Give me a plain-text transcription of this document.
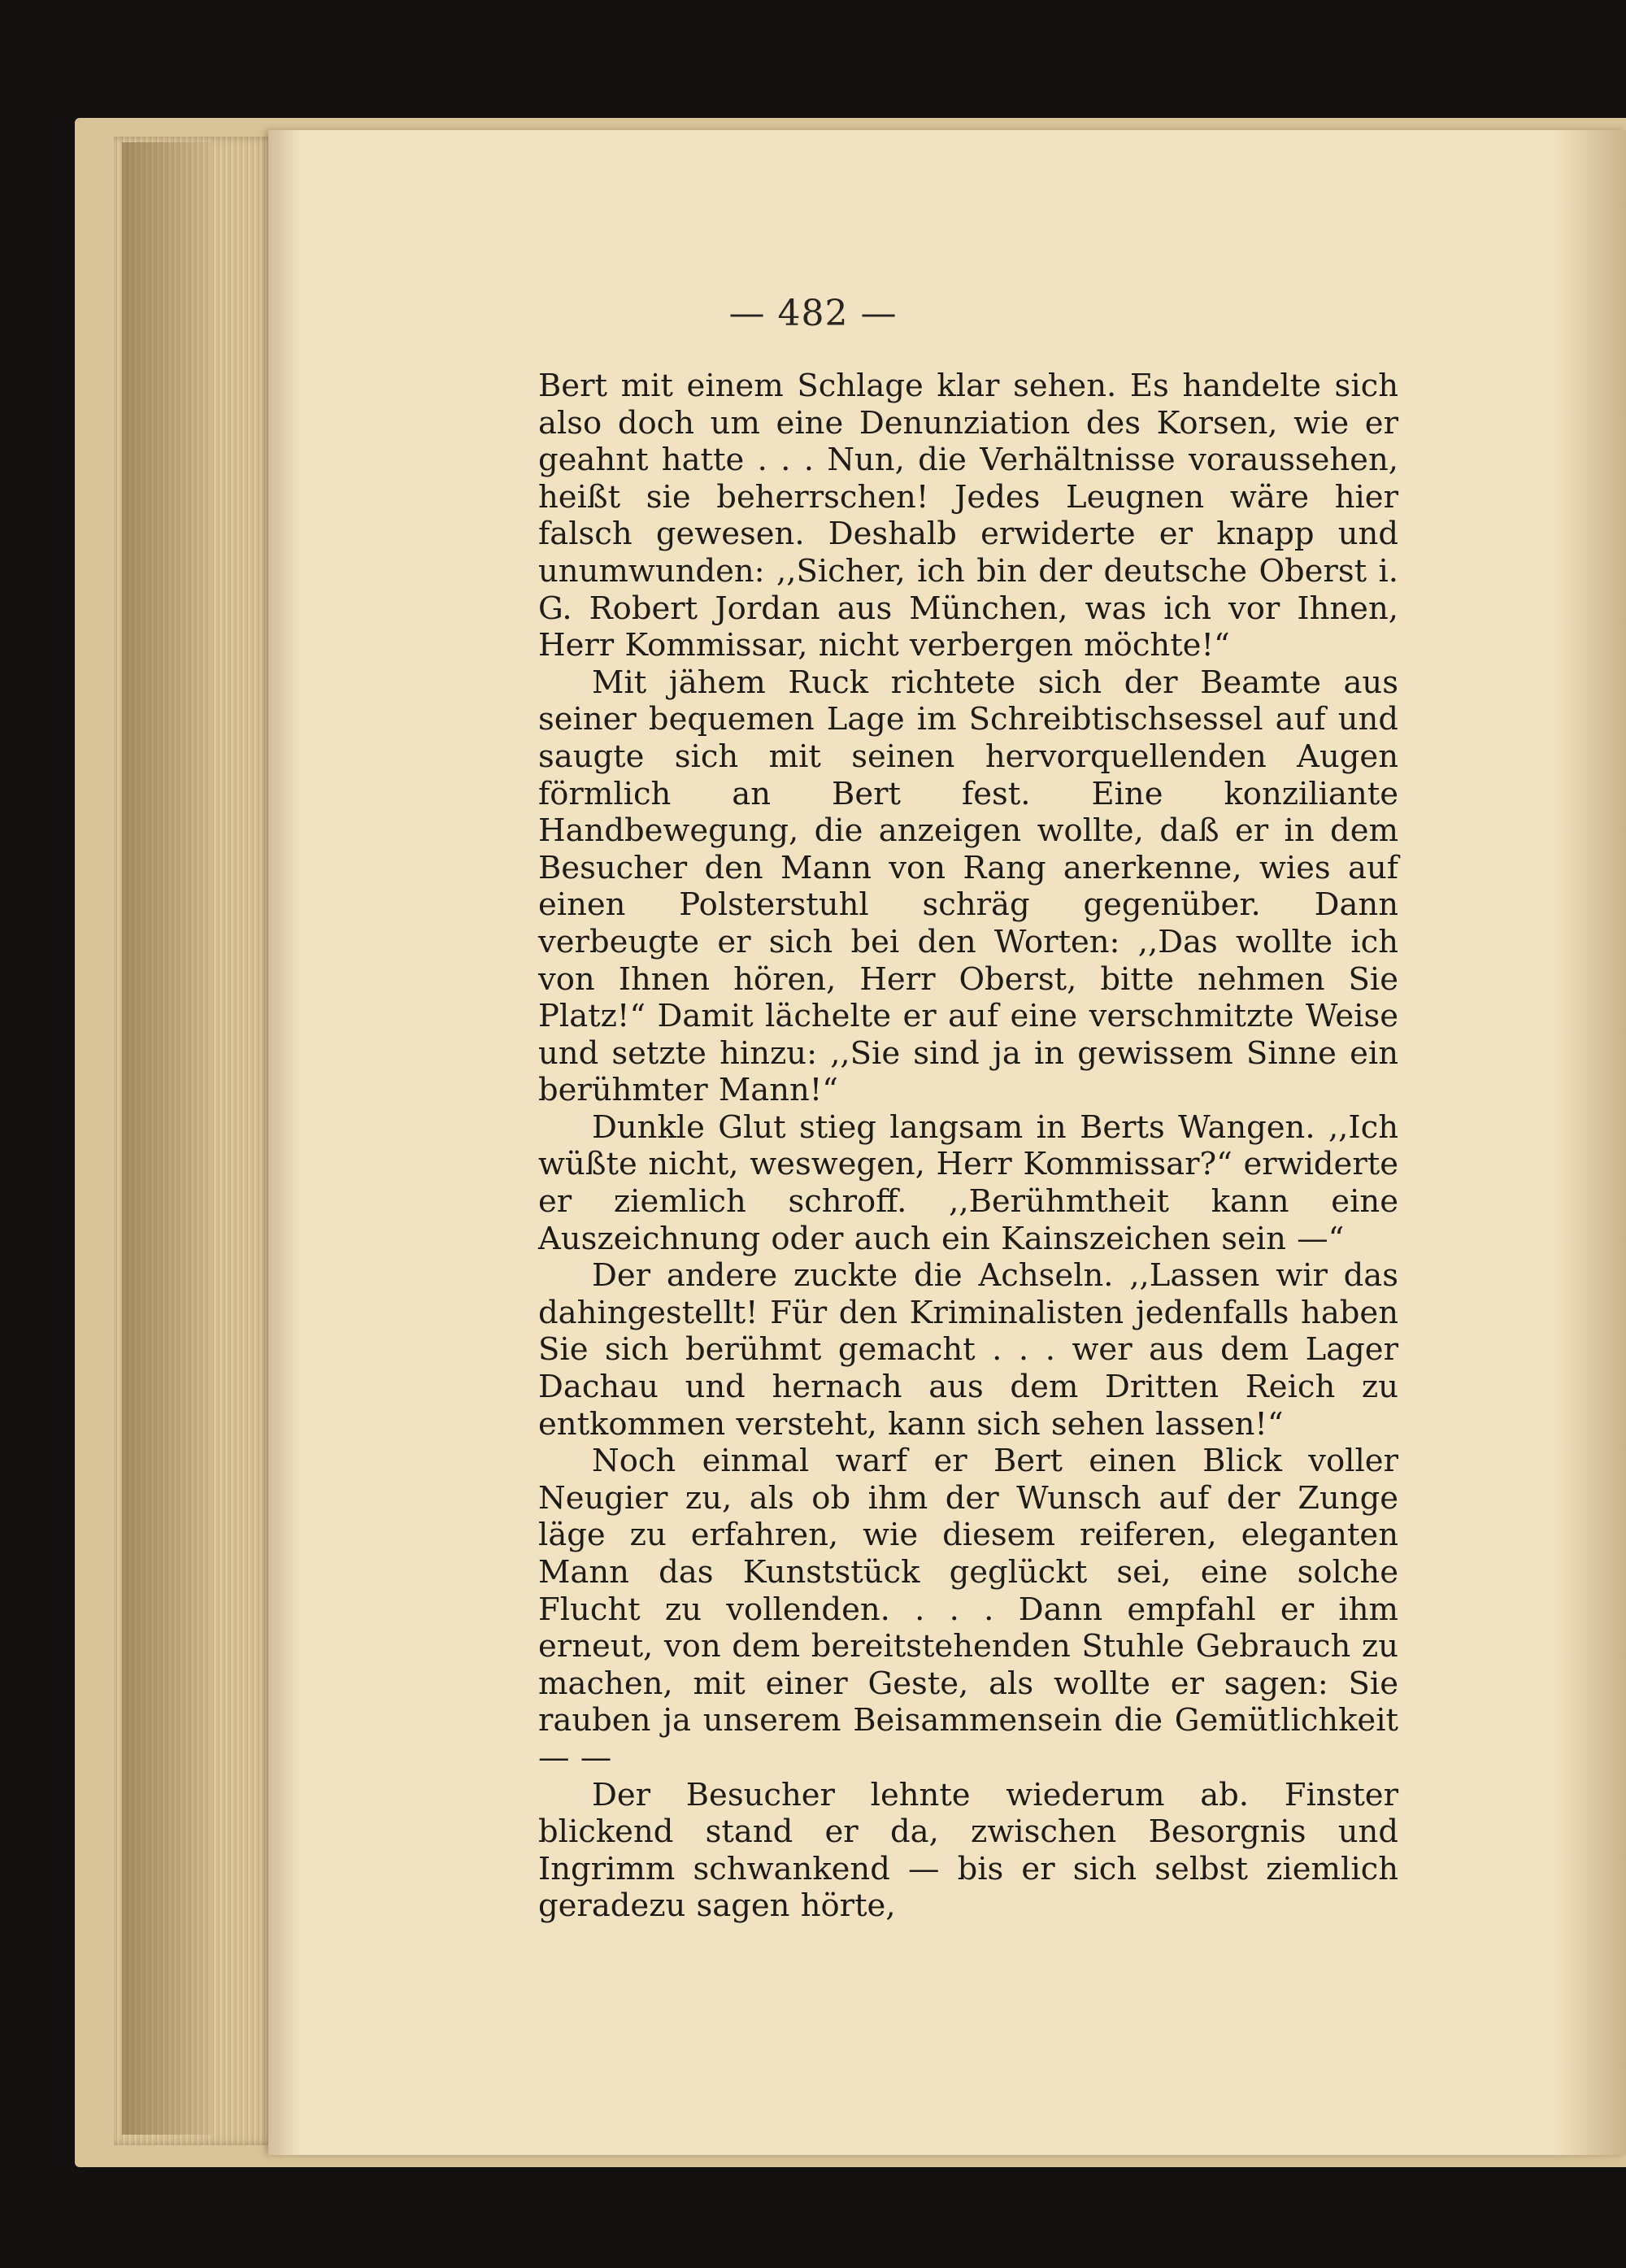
— 482 —

Bert mit einem Schlage klar sehen. Es handelte sich also doch um eine Denunziation des Korsen, wie er geahnt hatte . . . Nun, die Verhältnisse voraussehen, heißt sie beherrschen! Jedes Leugnen wäre hier falsch gewesen. Deshalb erwiderte er knapp und unumwunden: ,,Sicher, ich bin der deutsche Oberst i. G. Robert Jordan aus München, was ich vor Ihnen, Herr Kommissar, nicht verbergen möchte!“

Mit jähem Ruck richtete sich der Beamte aus seiner bequemen Lage im Schreibtischsessel auf und saugte sich mit seinen hervorquellenden Augen förmlich an Bert fest. Eine konziliante Handbewegung, die anzeigen wollte, daß er in dem Besucher den Mann von Rang anerkenne, wies auf einen Polsterstuhl schräg gegenüber. Dann verbeugte er sich bei den Worten: ,,Das wollte ich von Ihnen hören, Herr Oberst, bitte nehmen Sie Platz!“ Damit lächelte er auf eine verschmitzte Weise und setzte hinzu: ,,Sie sind ja in gewissem Sinne ein berühmter Mann!“

Dunkle Glut stieg langsam in Berts Wangen. ,,Ich wüßte nicht, weswegen, Herr Kommissar?“ erwiderte er ziemlich schroff. ,,Berühmtheit kann eine Auszeichnung oder auch ein Kainszeichen sein —“

Der andere zuckte die Achseln. ,,Lassen wir das dahingestellt! Für den Kriminalisten jedenfalls haben Sie sich berühmt gemacht . . . wer aus dem Lager Dachau und hernach aus dem Dritten Reich zu entkommen versteht, kann sich sehen lassen!“

Noch einmal warf er Bert einen Blick voller Neugier zu, als ob ihm der Wunsch auf der Zunge läge zu erfahren, wie diesem reiferen, eleganten Mann das Kunststück geglückt sei, eine solche Flucht zu vollenden. . . . Dann empfahl er ihm erneut, von dem bereitstehenden Stuhle Gebrauch zu machen, mit einer Geste, als wollte er sagen: Sie rauben ja unserem Beisammensein die Gemütlichkeit — —

Der Besucher lehnte wiederum ab. Finster blickend stand er da, zwischen Besorgnis und Ingrimm schwankend — bis er sich selbst ziemlich geradezu sagen hörte,
